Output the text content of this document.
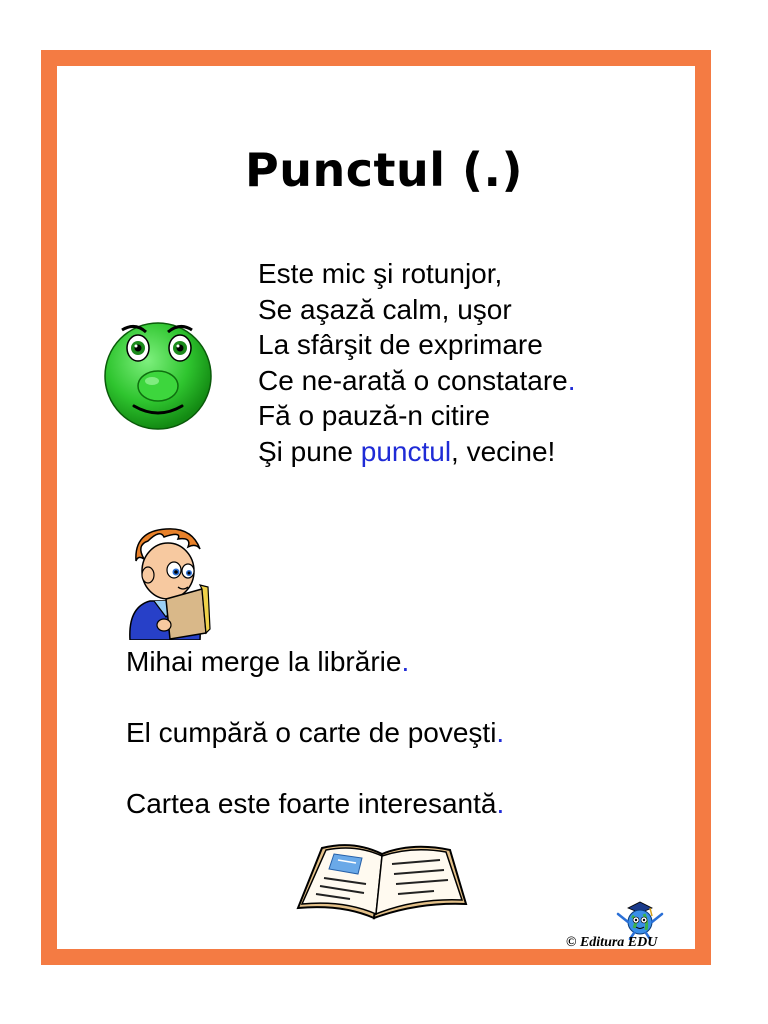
Punctul (.)
Este mic şi rotunjor,
Se aşază calm, uşor
La sfârşit de exprimare
Ce ne-arată o constatare.
Fă o pauză-n citire
Şi pune punctul, vecine!
Mihai merge la librărie.
El cumpără o carte de poveşti.
Cartea este foarte interesantă.
© Editura EDU
